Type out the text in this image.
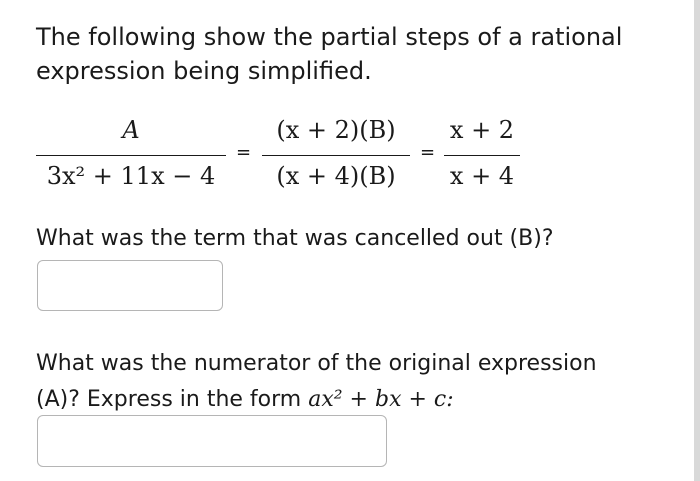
The following show the partial steps of a rational
expression being simplified.
A
3x² + 11x − 4
=
(x + 2)(B)
(x + 4)(B)
=
x + 2
x + 4
What was the term that was cancelled out (B)?
What was the numerator of the original expression
(A)? Express in the form ax² + bx + c:
